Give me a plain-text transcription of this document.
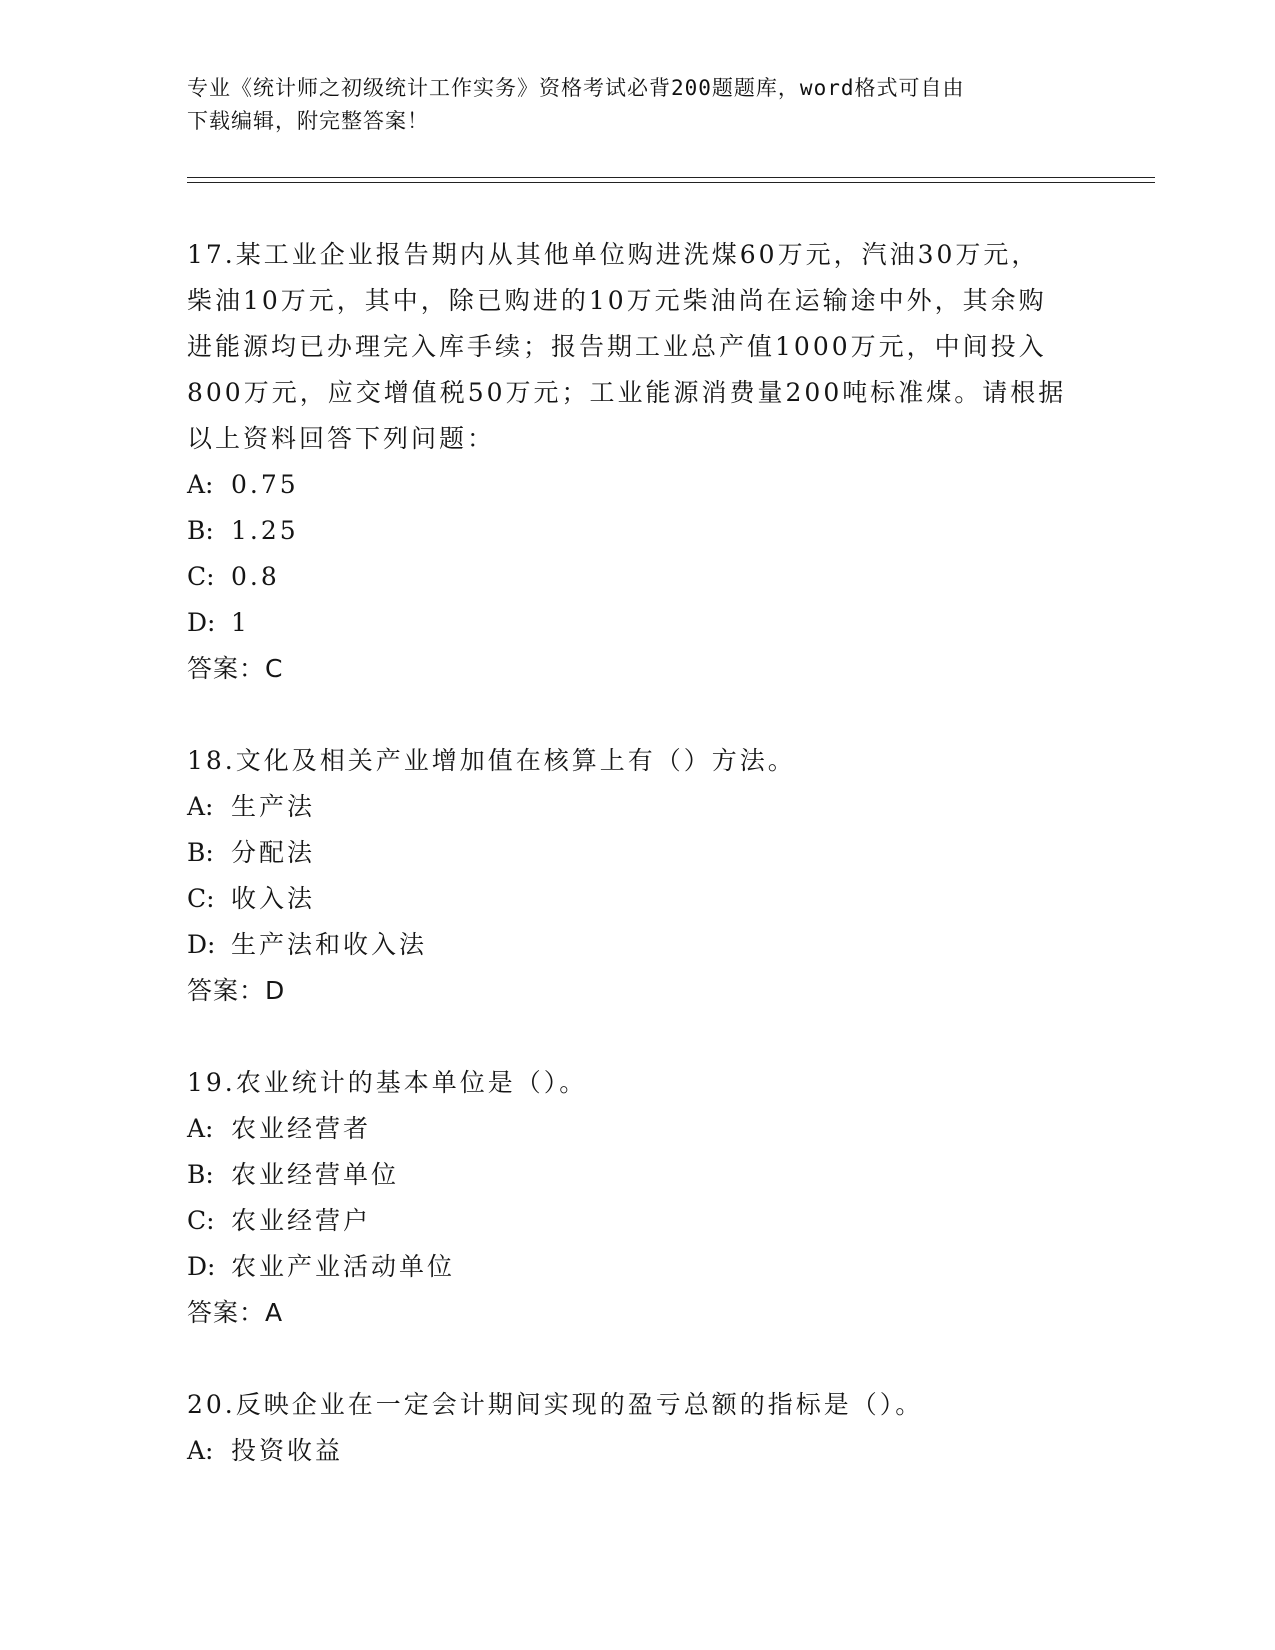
专业《统计师之初级统计工作实务》资格考试必背200题题库，word格式可自由
下载编辑，附完整答案！

17.某工业企业报告期内从其他单位购进洗煤60万元，汽油30万元，柴油10万元，其中，除已购进的10万元柴油尚在运输途中外，其余购进能源均已办理完入库手续；报告期工业总产值1000万元，中间投入800万元，应交增值税50万元；工业能源消费量200吨标准煤。请根据以上资料回答下列问题：

A: 0.75
B: 1.25
C: 0.8
D: 1
答案：C

18.文化及相关产业增加值在核算上有（）方法。

A: 生产法
B: 分配法
C: 收入法
D: 生产法和收入法
答案：D

19.农业统计的基本单位是（）。

A: 农业经营者
B: 农业经营单位
C: 农业经营户
D: 农业产业活动单位
答案：A

20.反映企业在一定会计期间实现的盈亏总额的指标是（）。

A: 投资收益
